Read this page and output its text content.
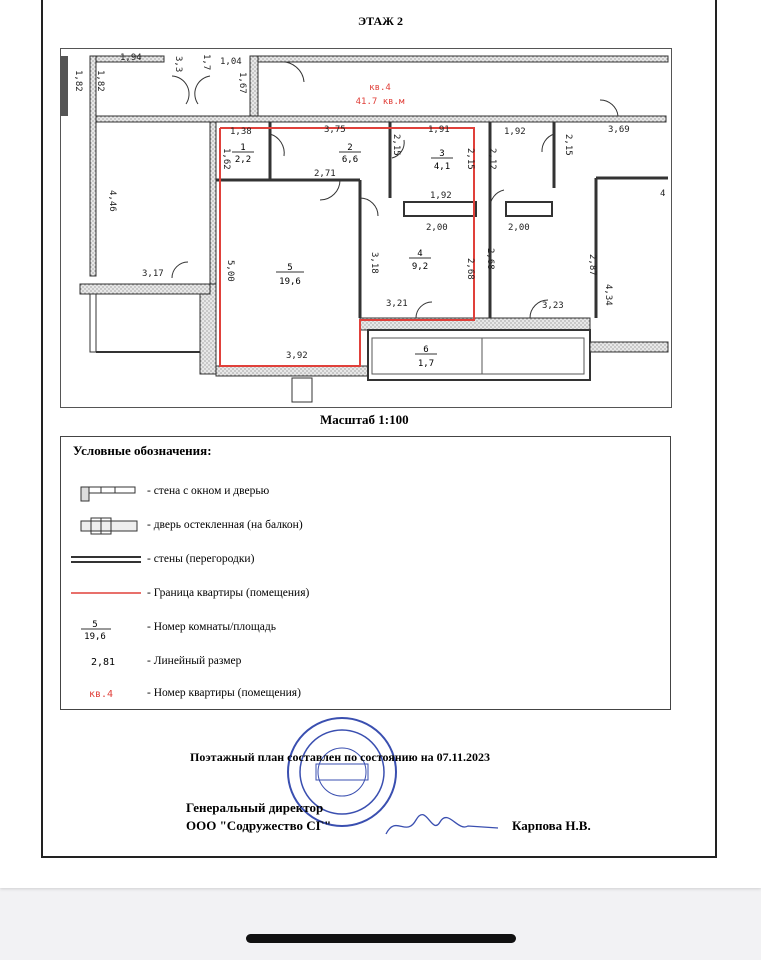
ЭТАЖ 2
кв.4
41.7 кв.м
1
2,2
2
6,6
3
4,1
4
9,2
5
19,6
6
1,7
1,94	3,3 1,7 1,04
1,82 1,82	1,67
1,38	3,75	1,91	1,92	3,69
1,62
2,15
2,15 2,12
2,15
2,71
1,92
4,46
2,00	2,00
5,00	3,18	2,68 2,68	2,87
4,34
3,17
3,21	3,23
3,92
4
Масштаб 1:100
Условные обозначения:
- стена с окном и дверью
- дверь остекленная (на балкон)
- стены (перегородки)
- Граница квартиры (помещения)
5
19,6
- Номер комнаты/площадь
2,81	- Линейный размер
кв.4	- Номер квартиры (помещения)
Поэтажный план составлен по состоянию на 07.11.2023
Генеральный директор
ООО "Содружество СГ"	Карпова Н.В.
